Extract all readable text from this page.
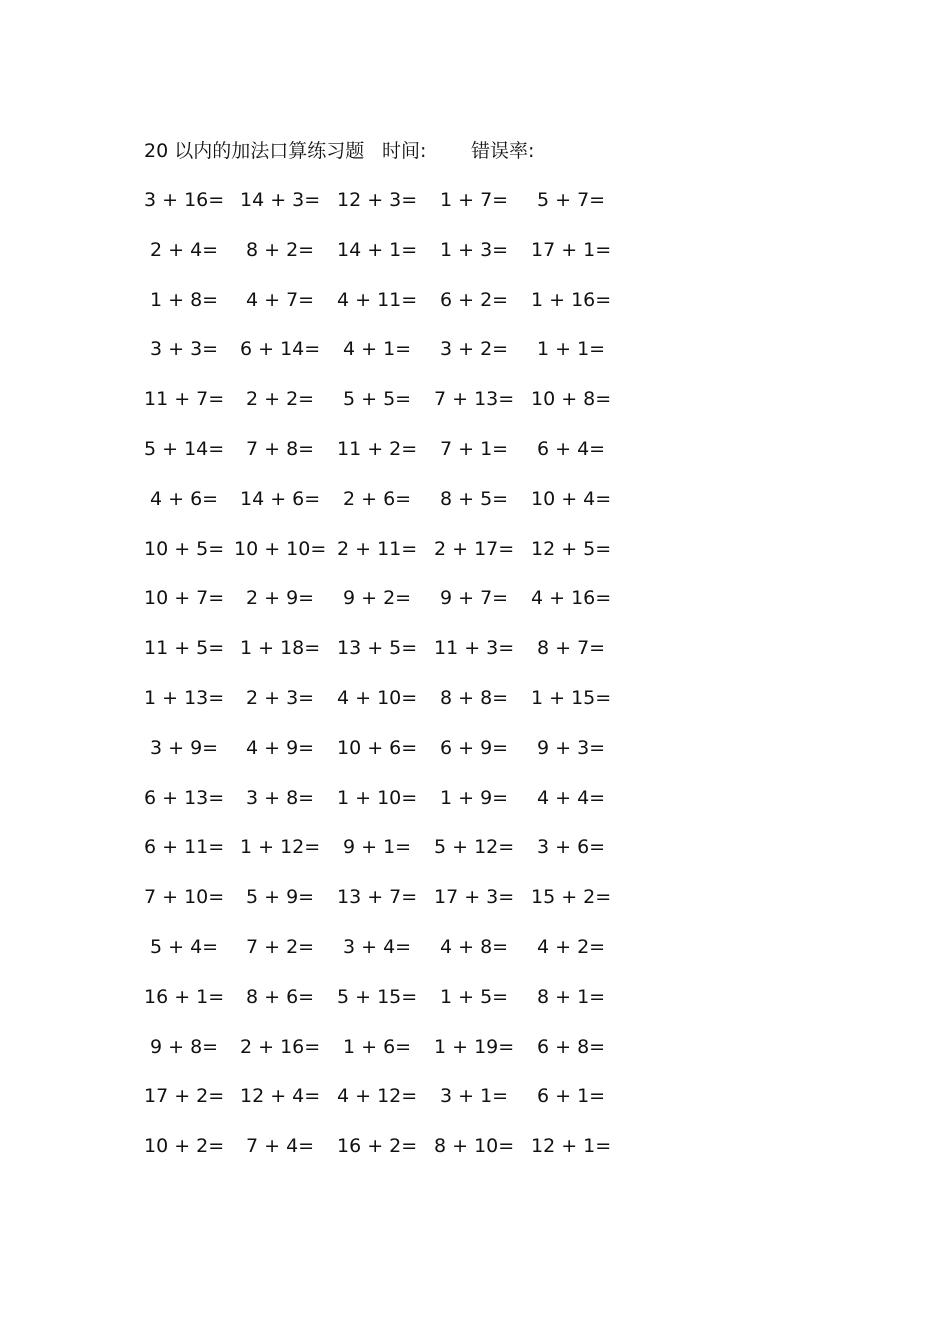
20 以内的加法口算练习题 时间: 错误率:
3 + 16= 14 + 3= 12 + 3= 1 + 7= 5 + 7=
2 + 4= 8 + 2= 14 + 1= 1 + 3= 17 + 1=
1 + 8= 4 + 7= 4 + 11= 6 + 2= 1 + 16=
3 + 3= 6 + 14= 4 + 1= 3 + 2= 1 + 1=
11 + 7= 2 + 2= 5 + 5= 7 + 13= 10 + 8=
5 + 14= 7 + 8= 11 + 2= 7 + 1= 6 + 4=
4 + 6= 14 + 6= 2 + 6= 8 + 5= 10 + 4=
10 + 5= 10 + 10= 2 + 11= 2 + 17= 12 + 5=
10 + 7= 2 + 9= 9 + 2= 9 + 7= 4 + 16=
11 + 5= 1 + 18= 13 + 5= 11 + 3= 8 + 7=
1 + 13= 2 + 3= 4 + 10= 8 + 8= 1 + 15=
3 + 9= 4 + 9= 10 + 6= 6 + 9= 9 + 3=
6 + 13= 3 + 8= 1 + 10= 1 + 9= 4 + 4=
6 + 11= 1 + 12= 9 + 1= 5 + 12= 3 + 6=
7 + 10= 5 + 9= 13 + 7= 17 + 3= 15 + 2=
5 + 4= 7 + 2= 3 + 4= 4 + 8= 4 + 2=
16 + 1= 8 + 6= 5 + 15= 1 + 5= 8 + 1=
9 + 8= 2 + 16= 1 + 6= 1 + 19= 6 + 8=
17 + 2= 12 + 4= 4 + 12= 3 + 1= 6 + 1=
10 + 2= 7 + 4= 16 + 2= 8 + 10= 12 + 1=
